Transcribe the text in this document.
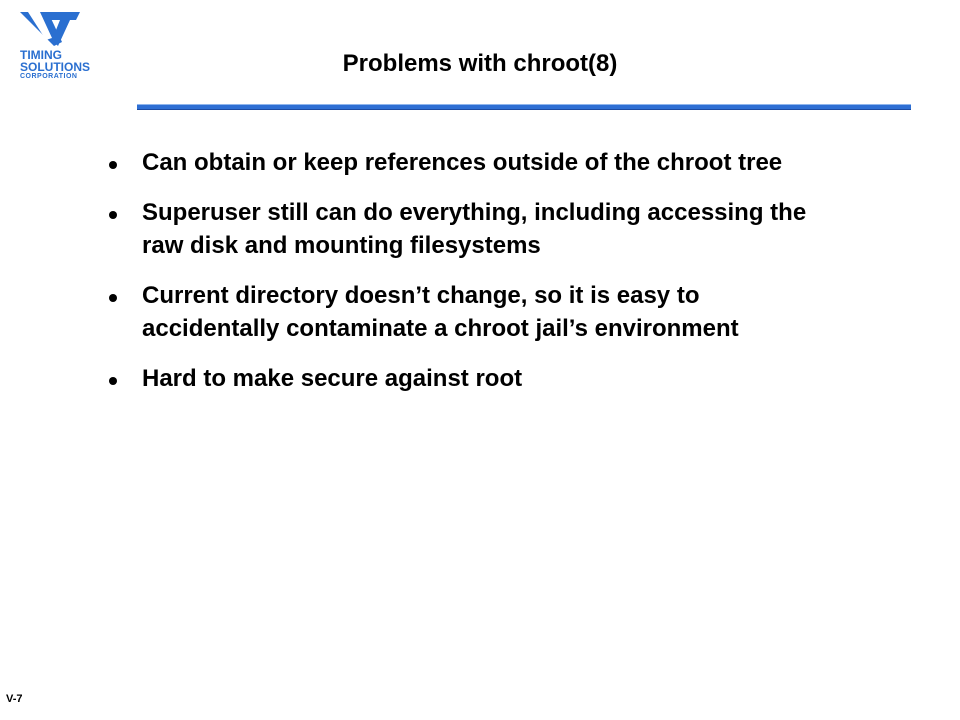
TIMING
SOLUTIONS
CORPORATION	Problems with chroot(8)
Can obtain or keep references outside of the chroot tree
Superuser still can do everything, including accessing the raw disk and mounting filesystems
Current directory doesn’t change, so it is easy to accidentally contaminate a chroot jail’s environment
Hard to make secure against root
V-7
